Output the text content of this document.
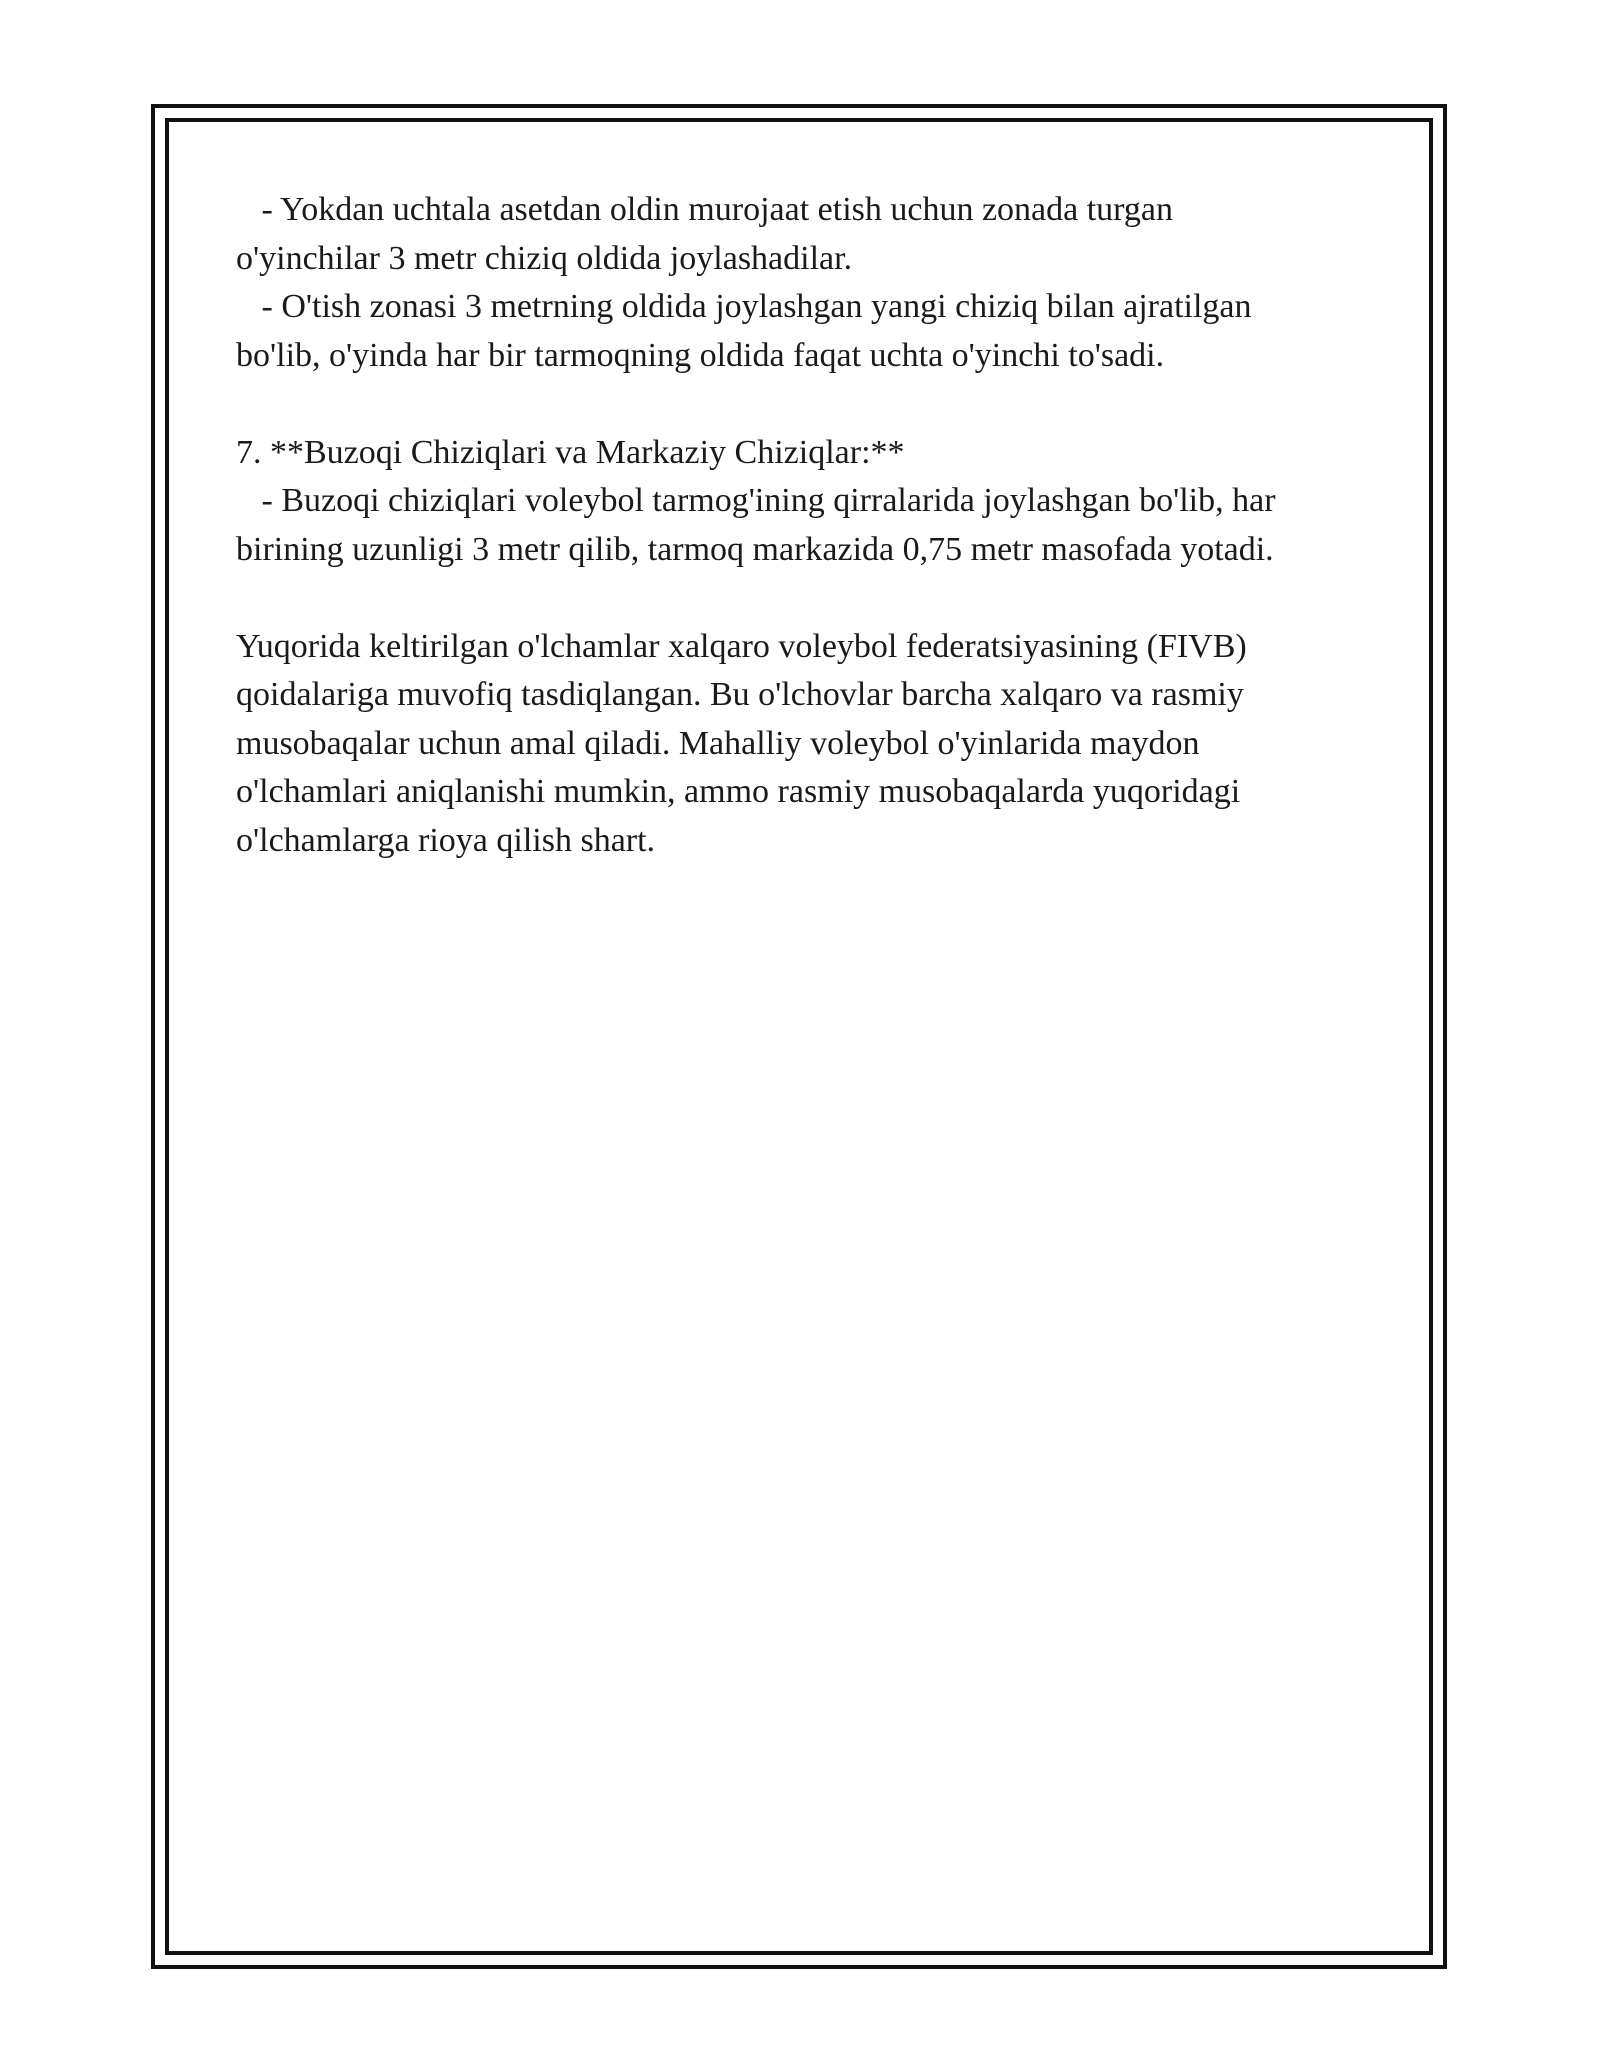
- Yokdan uchtala asetdan oldin murojaat etish uchun zonada turgan
o'yinchilar 3 metr chiziq oldida joylashadilar.
- O'tish zonasi 3 metrning oldida joylashgan yangi chiziq bilan ajratilgan
bo'lib, o'yinda har bir tarmoqning oldida faqat uchta o'yinchi to'sadi.
7. **Buzoqi Chiziqlari va Markaziy Chiziqlar:**
- Buzoqi chiziqlari voleybol tarmog'ining qirralarida joylashgan bo'lib, har
birining uzunligi 3 metr qilib, tarmoq markazida 0,75 metr masofada yotadi.
Yuqorida keltirilgan o'lchamlar xalqaro voleybol federatsiyasining (FIVB)
qoidalariga muvofiq tasdiqlangan. Bu o'lchovlar barcha xalqaro va rasmiy
musobaqalar uchun amal qiladi. Mahalliy voleybol o'yinlarida maydon
o'lchamlari aniqlanishi mumkin, ammo rasmiy musobaqalarda yuqoridagi
o'lchamlarga rioya qilish shart.
